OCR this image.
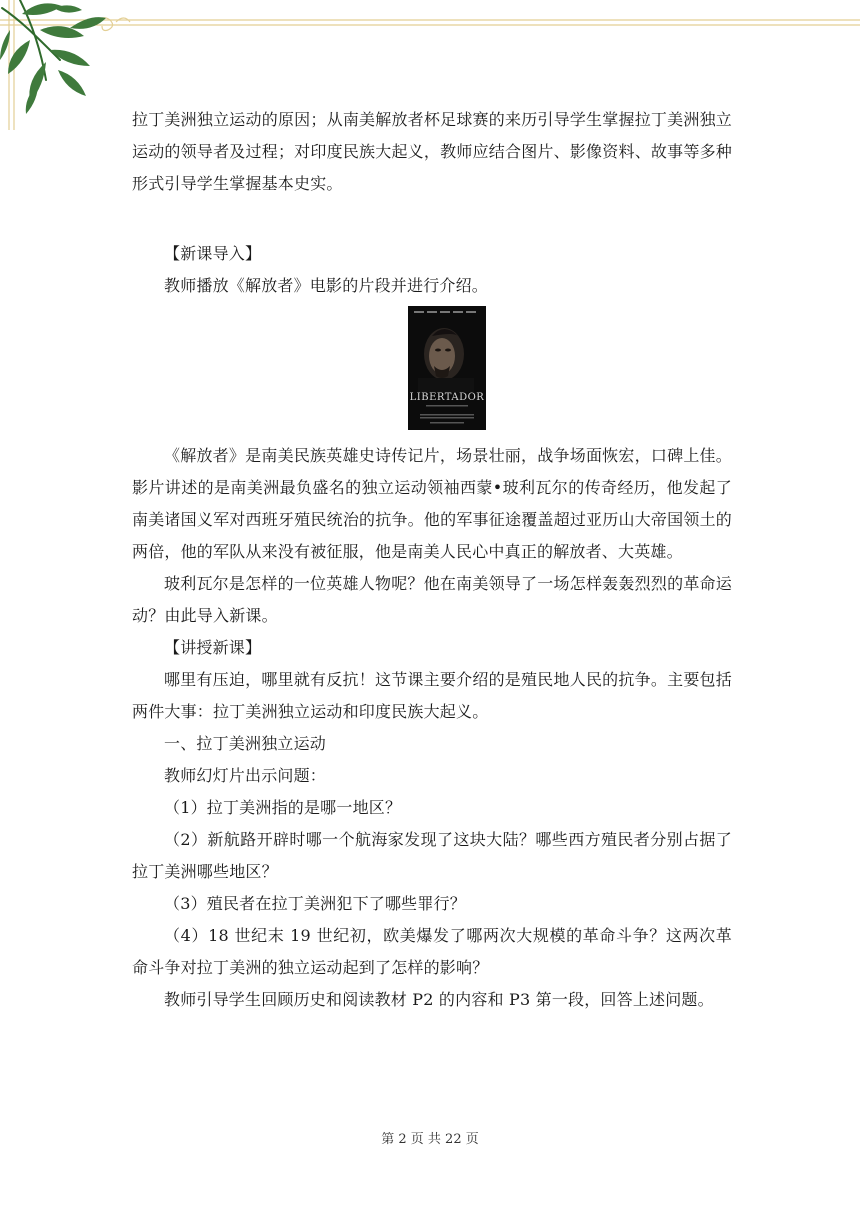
拉丁美洲独立运动的原因；从南美解放者杯足球赛的来历引导学生掌握拉丁美洲独立运动的领导者及过程；对印度民族大起义，教师应结合图片、影像资料、故事等多种形式引导学生掌握基本史实。

【新课导入】

教师播放《解放者》电影的片段并进行介绍。

LIBERTADOR

《解放者》是南美民族英雄史诗传记片，场景壮丽，战争场面恢宏，口碑上佳。影片讲述的是南美洲最负盛名的独立运动领袖西蒙•玻利瓦尔的传奇经历，他发起了南美诸国义军对西班牙殖民统治的抗争。他的军事征途覆盖超过亚历山大帝国领土的两倍，他的军队从来没有被征服，他是南美人民心中真正的解放者、大英雄。

玻利瓦尔是怎样的一位英雄人物呢？他在南美领导了一场怎样轰轰烈烈的革命运动？由此导入新课。

【讲授新课】

哪里有压迫，哪里就有反抗！这节课主要介绍的是殖民地人民的抗争。主要包括两件大事：拉丁美洲独立运动和印度民族大起义。

一、拉丁美洲独立运动

教师幻灯片出示问题：

（1）拉丁美洲指的是哪一地区？

（2）新航路开辟时哪一个航海家发现了这块大陆？哪些西方殖民者分别占据了拉丁美洲哪些地区？

（3）殖民者在拉丁美洲犯下了哪些罪行？

（4）18 世纪末 19 世纪初，欧美爆发了哪两次大规模的革命斗争？这两次革命斗争对拉丁美洲的独立运动起到了怎样的影响？

教师引导学生回顾历史和阅读教材 P2 的内容和 P3 第一段，回答上述问题。

第 2 页 共 22 页
